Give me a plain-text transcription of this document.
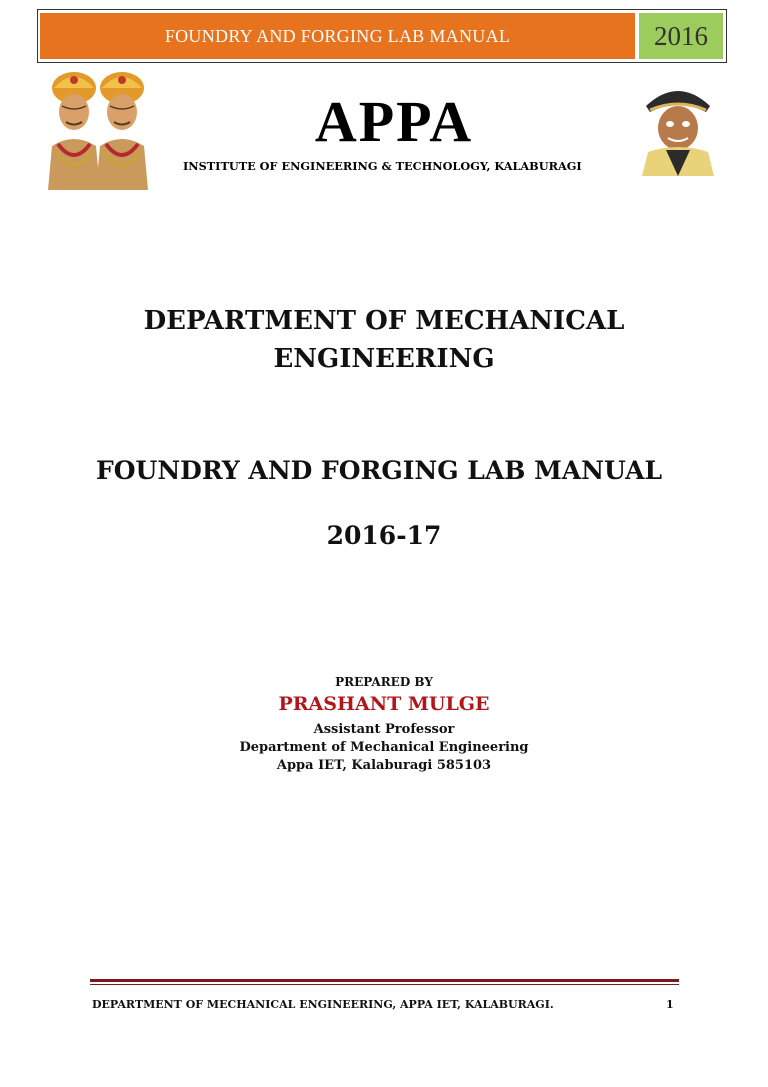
FOUNDRY AND FORGING LAB MANUAL	2016
APPA
INSTITUTE OF ENGINEERING & TECHNOLOGY, KALABURAGI
DEPARTMENT OF MECHANICAL
ENGINEERING
FOUNDRY AND FORGING LAB MANUAL
2016-17
PREPARED BY
PRASHANT MULGE
Assistant Professor
Department of Mechanical Engineering
Appa IET, Kalaburagi 585103
DEPARTMENT OF MECHANICAL ENGINEERING, APPA IET, KALABURAGI.	1
